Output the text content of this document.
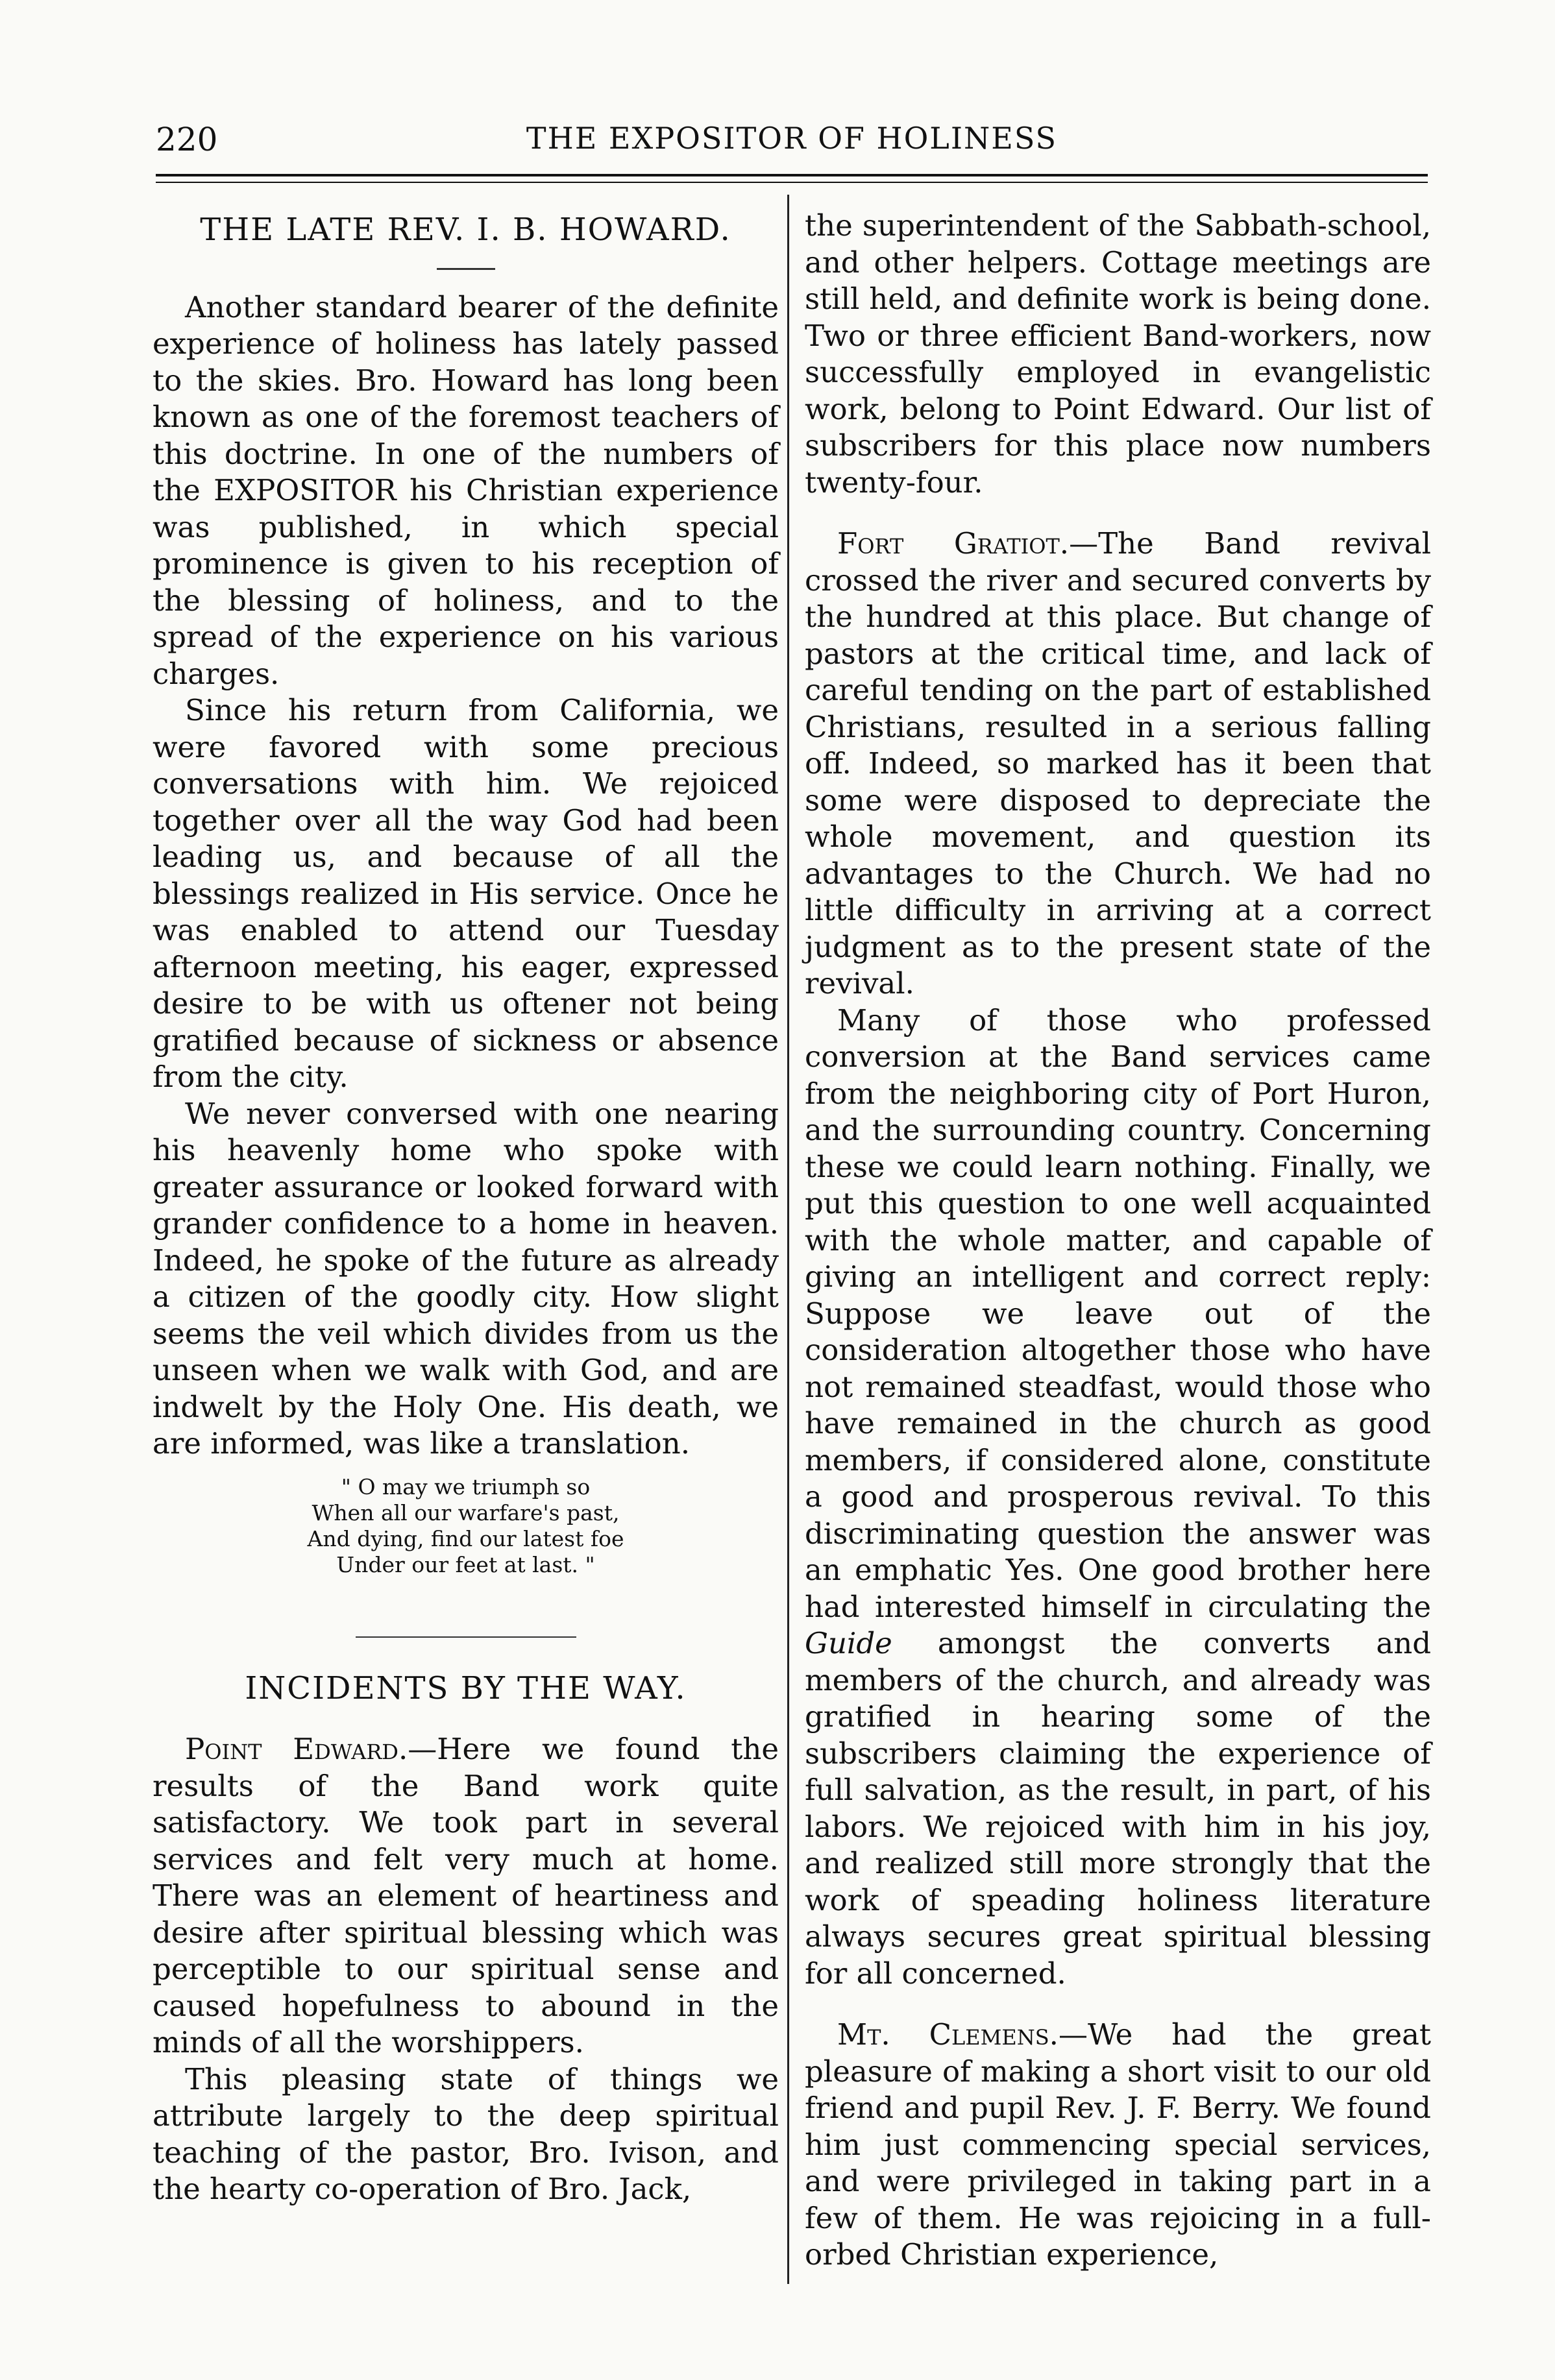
220	THE EXPOSITOR OF HOLINESS
THE LATE REV. I. B. HOWARD.

Another standard bearer of the definite experience of holiness has lately passed to the skies. Bro. Howard has long been known as one of the foremost teachers of this doctrine. In one of the numbers of the EXPOSITOR his Christian experience was published, in which special prominence is given to his reception of the blessing of holiness, and to the spread of the experience on his various charges.

Since his return from California, we were favored with some precious conversations with him. We rejoiced together over all the way God had been leading us, and because of all the blessings realized in His service. Once he was enabled to attend our Tuesday afternoon meeting, his eager, expressed desire to be with us oftener not being gratified because of sickness or absence from the city.

We never conversed with one nearing his heavenly home who spoke with greater assurance or looked forward with grander confidence to a home in heaven. Indeed, he spoke of the future as already a citizen of the goodly city. How slight seems the veil which divides from us the unseen when we walk with God, and are indwelt by the Holy One. His death, we are informed, was like a translation.

" O may we triumph so
When all our warfare's past,
And dying, find our latest foe
Under our feet at last. "
INCIDENTS BY THE WAY.

Point Edward.—Here we found the results of the Band work quite satisfactory. We took part in several services and felt very much at home. There was an element of heartiness and desire after spiritual blessing which was perceptible to our spiritual sense and caused hopefulness to abound in the minds of all the worshippers.

This pleasing state of things we attribute largely to the deep spiritual teaching of the pastor, Bro. Ivison, and the hearty co-operation of Bro. Jack,

the superintendent of the Sabbath-school, and other helpers. Cottage meetings are still held, and definite work is being done. Two or three efficient Band-workers, now successfully employed in evangelistic work, belong to Point Edward. Our list of subscribers for this place now numbers twenty-four.

Fort Gratiot.—The Band revival crossed the river and secured converts by the hundred at this place. But change of pastors at the critical time, and lack of careful tending on the part of established Christians, resulted in a serious falling off. Indeed, so marked has it been that some were disposed to depreciate the whole movement, and question its advantages to the Church. We had no little difficulty in arriving at a correct judgment as to the present state of the revival.

Many of those who professed conversion at the Band services came from the neighboring city of Port Huron, and the surrounding country. Concerning these we could learn nothing. Finally, we put this question to one well acquainted with the whole matter, and capable of giving an intelligent and correct reply: Suppose we leave out of the consideration altogether those who have not remained steadfast, would those who have remained in the church as good members, if considered alone, constitute a good and prosperous revival. To this discriminating question the answer was an emphatic Yes. One good brother here had interested himself in circulating the Guide amongst the converts and members of the church, and already was gratified in hearing some of the subscribers claiming the experience of full salvation, as the result, in part, of his labors. We rejoiced with him in his joy, and realized still more strongly that the work of speading holiness literature always secures great spiritual blessing for all concerned.

Mt. Clemens.—We had the great pleasure of making a short visit to our old friend and pupil Rev. J. F. Berry. We found him just commencing special services, and were privileged in taking part in a few of them. He was rejoicing in a full-orbed Christian experience,
